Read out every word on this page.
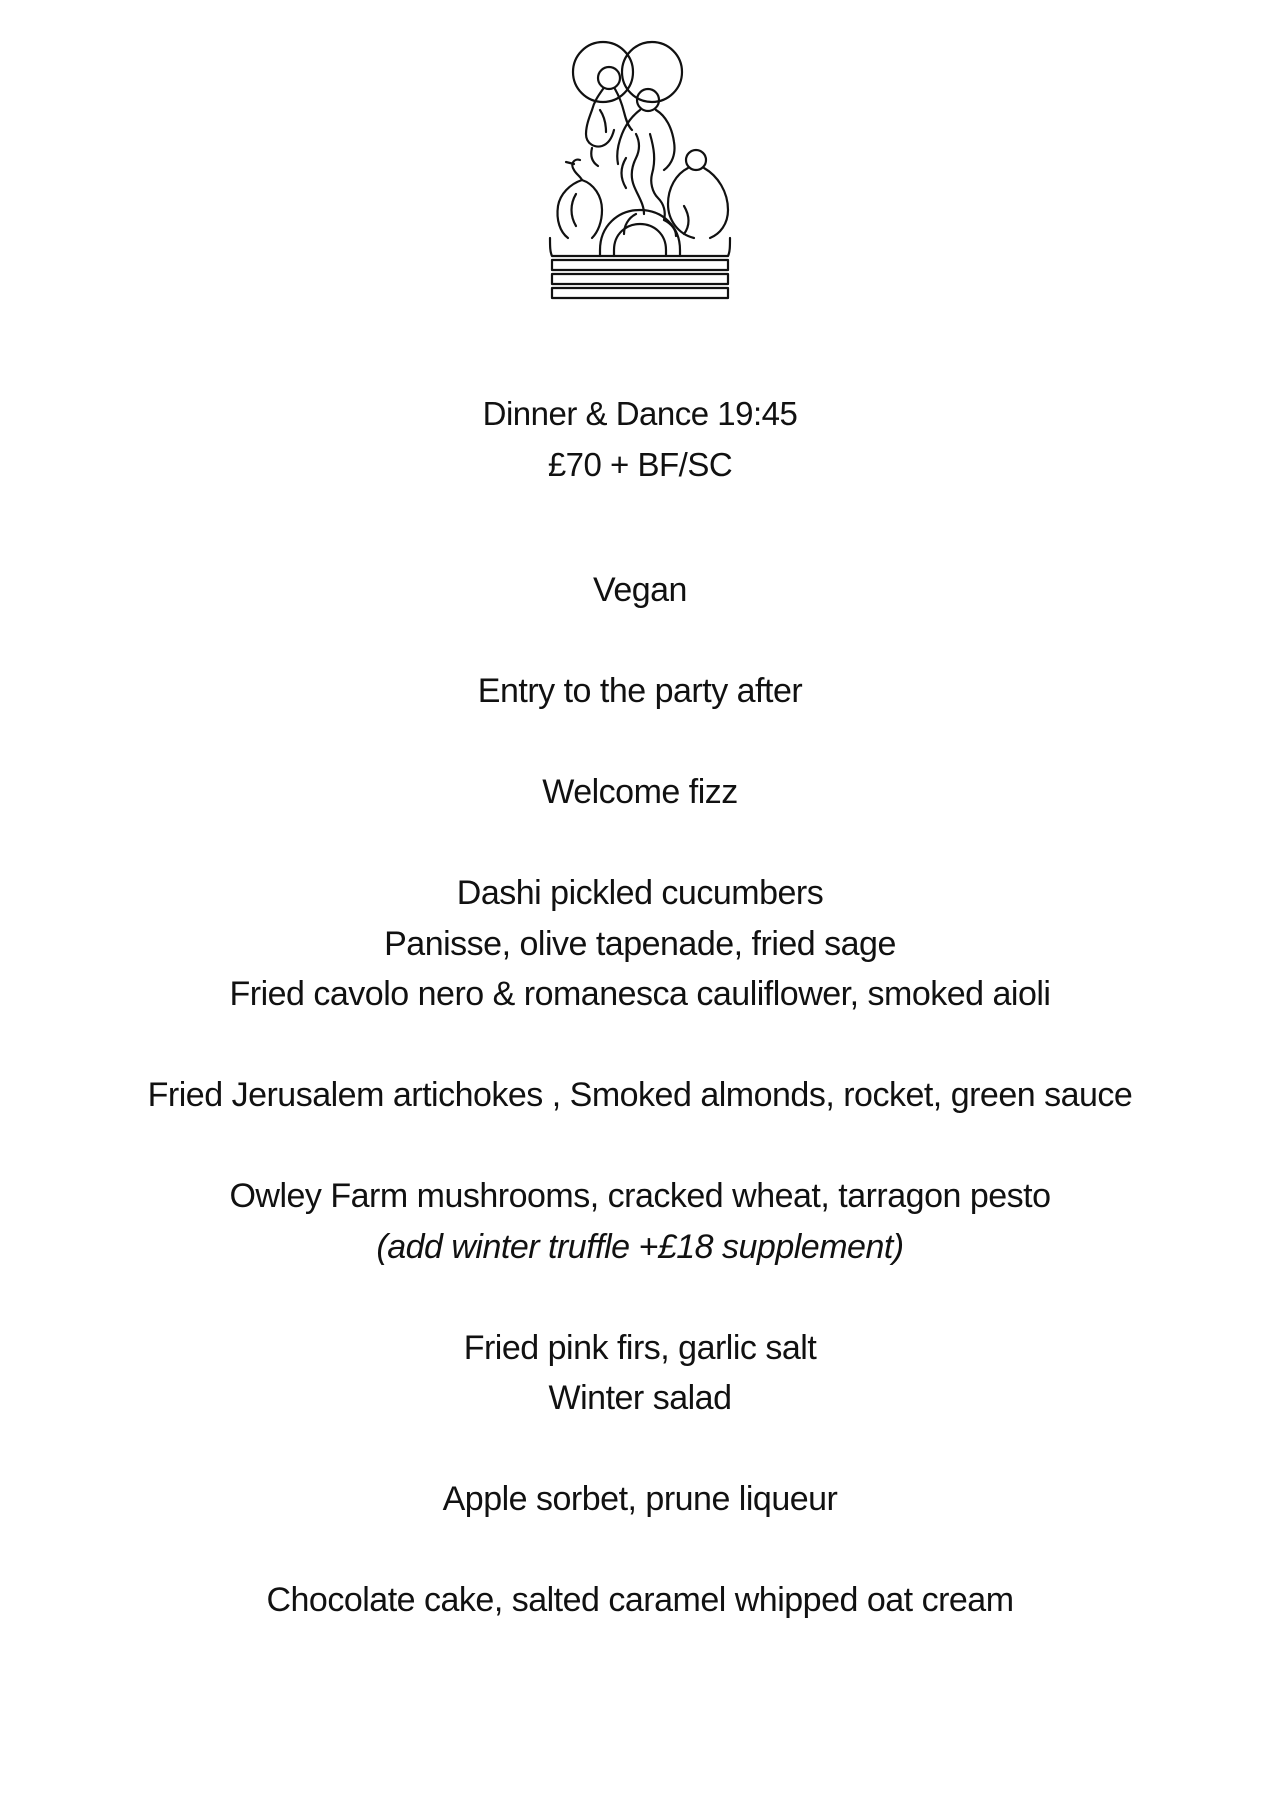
Dinner & Dance 19:45
£70 + BF/SC
Vegan
Entry to the party after
Welcome fizz
Dashi pickled cucumbers
Panisse, olive tapenade, fried sage
Fried cavolo nero & romanesca cauliflower, smoked aioli
Fried Jerusalem artichokes , Smoked almonds, rocket, green sauce
Owley Farm mushrooms, cracked wheat, tarragon pesto
(add winter truffle +£18 supplement)
Fried pink firs, garlic salt
Winter salad
Apple sorbet, prune liqueur
Chocolate cake, salted caramel whipped oat cream
